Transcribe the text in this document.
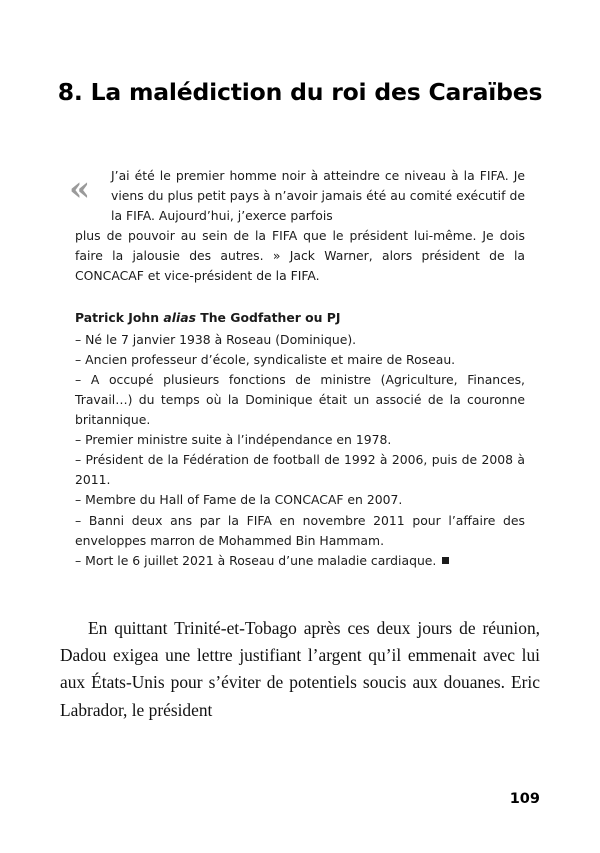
8. La malédiction du roi des Caraïbes
« J’ai été le premier homme noir à atteindre ce niveau à la FIFA. Je viens du plus petit pays à n’avoir jamais été au comité exécutif de la FIFA. Aujourd’hui, j’exerce parfois
plus de pouvoir au sein de la FIFA que le président lui-même. Je dois faire la jalousie des autres. » Jack Warner, alors président de la CONCACAF et vice-président de la FIFA.
Patrick John alias The Godfather ou PJ
– Né le 7 janvier 1938 à Roseau (Dominique).
– Ancien professeur d’école, syndicaliste et maire de Roseau.
– A occupé plusieurs fonctions de ministre (Agriculture, Finances, Travail…) du temps où la Dominique était un associé de la couronne britannique.
– Premier ministre suite à l’indépendance en 1978.
– Président de la Fédération de football de 1992 à 2006, puis de 2008 à 2011.
– Membre du Hall of Fame de la CONCACAF en 2007.
– Banni deux ans par la FIFA en novembre 2011 pour l’affaire des enveloppes marron de Mohammed Bin Hammam.
– Mort le 6 juillet 2021 à Roseau d’une maladie cardiaque.

En quittant Trinité-et-Tobago après ces deux jours de réunion, Dadou exigea une lettre justifiant l’argent qu’il emmenait avec lui aux États-Unis pour s’éviter de potentiels soucis aux douanes. Eric Labrador, le président

109
